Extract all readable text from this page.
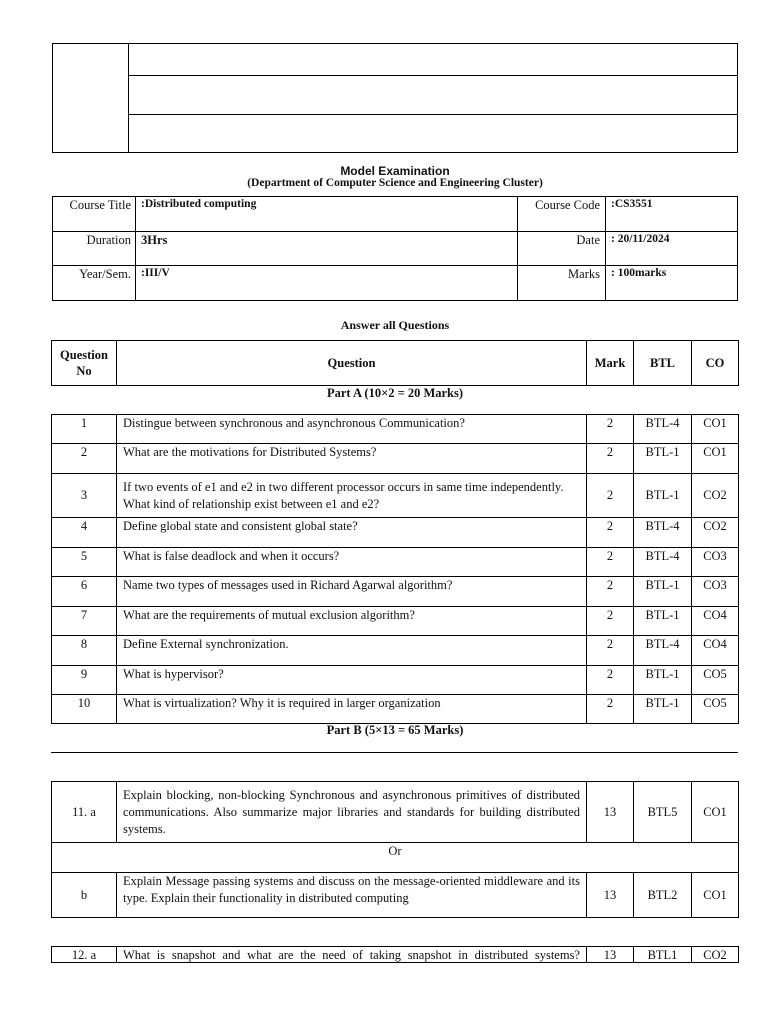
Model Examination
(Department of Computer Science and Engineering Cluster)
Course Title	:Distributed computing	Course Code	:CS3551
Duration	3Hrs	Date	: 20/11/2024
Year/Sem.	:III/V	Marks	: 100marks
Answer all Questions
Question No	Question	Mark	BTL	CO
Part A (10×2 = 20 Marks)
1	Distingue between synchronous and asynchronous Communication?	2	BTL-4	CO1
2	What are the motivations for Distributed Systems?	2	BTL-1	CO1
3	If two events of e1 and e2 in two different processor occurs in same time independently. What kind of relationship exist between e1 and e2?	2	BTL-1	CO2
4	Define global state and consistent global state?	2	BTL-4	CO2
5	What is false deadlock and when it occurs?	2	BTL-4	CO3
6	Name two types of messages used in Richard Agarwal algorithm?	2	BTL-1	CO3
7	What are the requirements of mutual exclusion algorithm?	2	BTL-1	CO4
8	Define External synchronization.	2	BTL-4	CO4
9	What is hypervisor?	2	BTL-1	CO5
10	What is virtualization? Why it is required in larger organization	2	BTL-1	CO5
Part B (5×13 = 65 Marks)
11. a	Explain blocking, non-blocking Synchronous and asynchronous primitives of distributed communications. Also summarize major libraries and standards for building distributed systems.	13	BTL5	CO1
Or				
b	Explain Message passing systems and discuss on the message-oriented middleware and its type. Explain their functionality in distributed computing	13	BTL2	CO1
12. a	What is snapshot and what are the need of taking snapshot in distributed systems?	13	BTL1	CO2
